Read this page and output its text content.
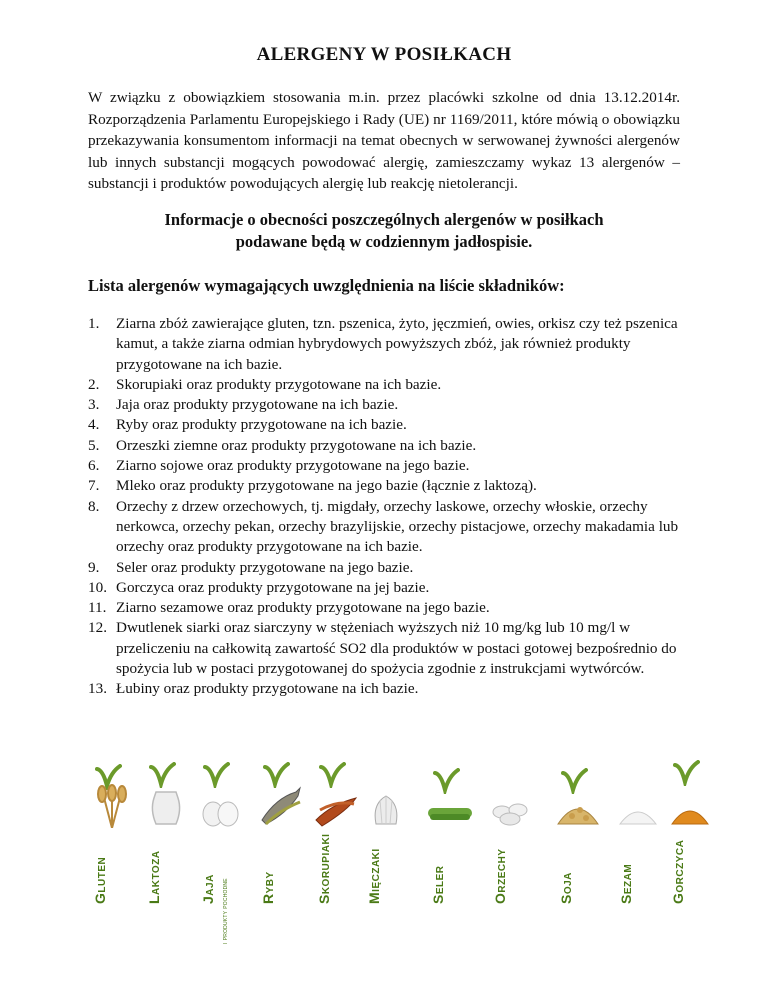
ALERGENY W POSIŁKACH

W związku z obowiązkiem stosowania m.in. przez placówki szkolne od dnia 13.12.2014r. Rozporządzenia Parlamentu Europejskiego i Rady (UE) nr 1169/2011, które mówią o obowiązku przekazywania konsumentom informacji na temat obecnych w serwowanej żywności alergenów lub innych substancji mogących powodować alergię, zamieszczamy wykaz 13 alergenów – substancji i produktów powodujących alergię lub reakcję nietolerancji.

Informacje o obecności poszczególnych alergenów w posiłkach
podawane będą w codziennym jadłospisie.

Lista alergenów wymagających uwzględnienia na liście składników:

1.	Ziarna zbóż zawierające gluten, tzn. pszenica, żyto, jęczmień, owies, orkisz czy też pszenica kamut, a także ziarna odmian hybrydowych powyższych zbóż, jak również produkty przygotowane na ich bazie.
2.	Skorupiaki oraz produkty przygotowane na ich bazie.
3.	Jaja oraz produkty przygotowane na ich bazie.
4.	Ryby oraz produkty przygotowane na ich bazie.
5.	Orzeszki ziemne oraz produkty przygotowane na ich bazie.
6.	Ziarno sojowe oraz produkty przygotowane na jego bazie.
7.	Mleko oraz produkty przygotowane na jego bazie (łącznie z laktozą).
8.	Orzechy z drzew orzechowych, tj. migdały, orzechy laskowe, orzechy włoskie, orzechy nerkowca, orzechy pekan, orzechy brazylijskie, orzechy pistacjowe, orzechy makadamia lub orzechy oraz produkty przygotowane na ich bazie.
9.	Seler oraz produkty przygotowane na jego bazie.
10. Gorczyca oraz produkty przygotowane na jej bazie.
11. Ziarno sezamowe oraz produkty przygotowane na jego bazie.
12. Dwutlenek siarki oraz siarczyny w stężeniach wyższych niż 10 mg/kg lub 10 mg/l w przeliczeniu na całkowitą zawartość SO2 dla produktów w postaci gotowej bezpośrednio do spożycia lub w postaci przygotowanej do spożycia zgodnie z instrukcjami wytwórców.
13. Łubiny oraz produkty przygotowane na ich bazie.
Gluten	Laktoza	Jaja i produkty pochodne Ryby	Skorupiaki Mięczaki	Seler	Orzechy	Soja	Sezam	Gorczyca
